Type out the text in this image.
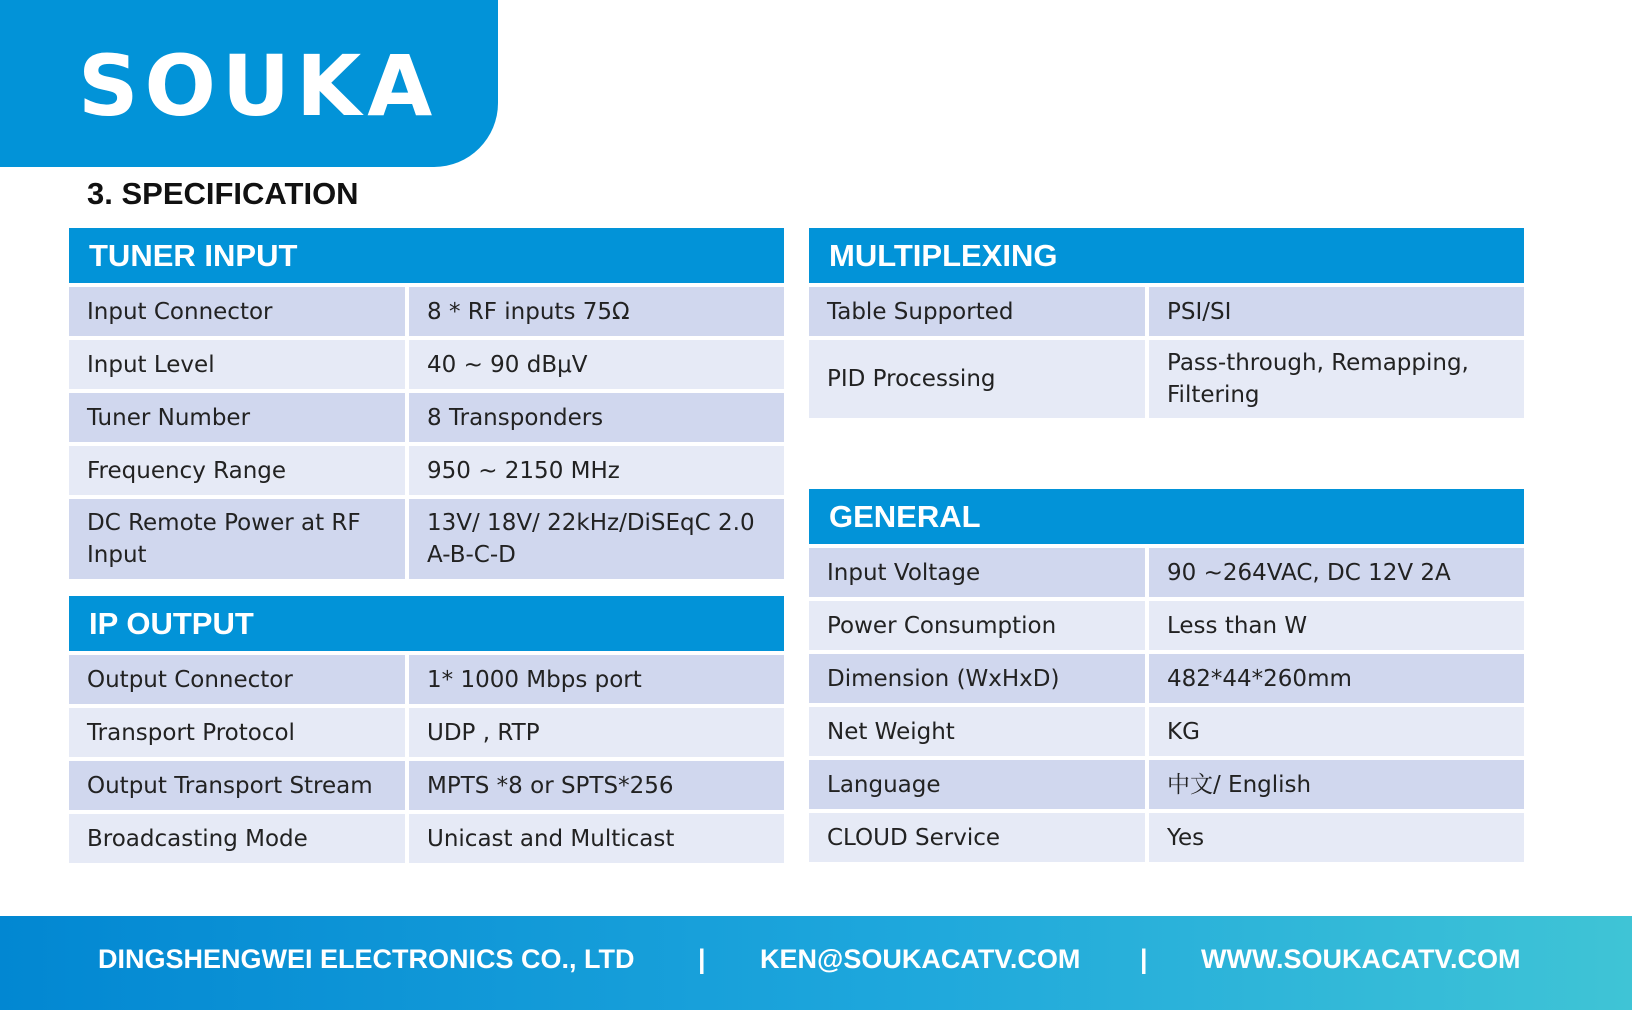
SOUKA
3. SPECIFICATION
TUNER INPUT
Input Connector	8 * RF inputs 75Ω
Input Level	40 ~ 90 dBμV
Tuner Number	8 Transponders
Frequency Range	950 ~ 2150 MHz
DC Remote Power at RF Input	13V/ 18V/ 22kHz/DiSEqC 2.0 A-B-C-D
IP OUTPUT
Output Connector	1* 1000 Mbps port
Transport Protocol	UDP , RTP
Output Transport Stream	MPTS *8 or SPTS*256
Broadcasting Mode	Unicast and Multicast
MULTIPLEXING
Table Supported	PSI/SI
PID Processing	Pass-through, Remapping, Filtering
GENERAL
Input Voltage	90 ~264VAC, DC 12V 2A
Power Consumption	Less than W
Dimension (WxHxD)	482*44*260mm
Net Weight	KG
Language	中文/ English
CLOUD Service	Yes
DINGSHENGWEI ELECTRONICS CO., LTD | KEN@SOUKACATV.COM | WWW.SOUKACATV.COM
